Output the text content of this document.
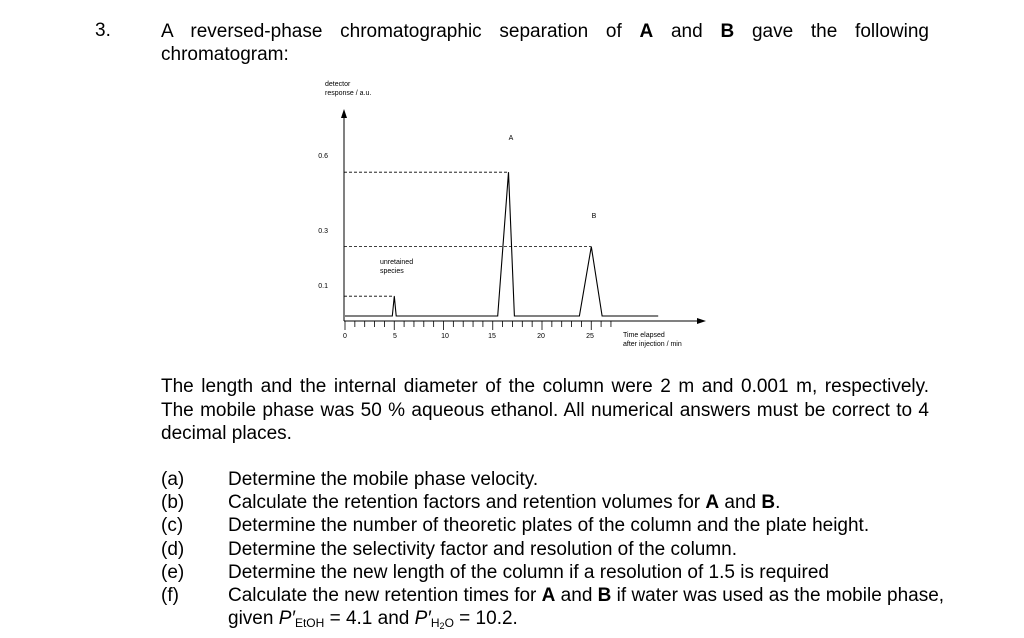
3.	A reversed-phase chromatographic separation of A and B gave the following chromatogram:
detector
response / a.u.
Time elapsed
after injection / min
0.6
0.3
0.1
0	5	10	15	20	25
unretained
species
A
B
The length and the internal diameter of the column were 2 m and 0.001 m, respectively. The mobile phase was 50 % aqueous ethanol. All numerical answers must be correct to 4 decimal places.
(a)	Determine the mobile phase velocity.
(b)	Calculate the retention factors and retention volumes for A and B.
(c)	Determine the number of theoretic plates of the column and the plate height.
(d)	Determine the selectivity factor and resolution of the column.
(e)	Determine the new length of the column if a resolution of 1.5 is required
(f)	Calculate the new retention times for A and B if water was used as the mobile phase, given $P'_{EtOH} = 4.1$ and $P'_{H2O} = 10.2$.
